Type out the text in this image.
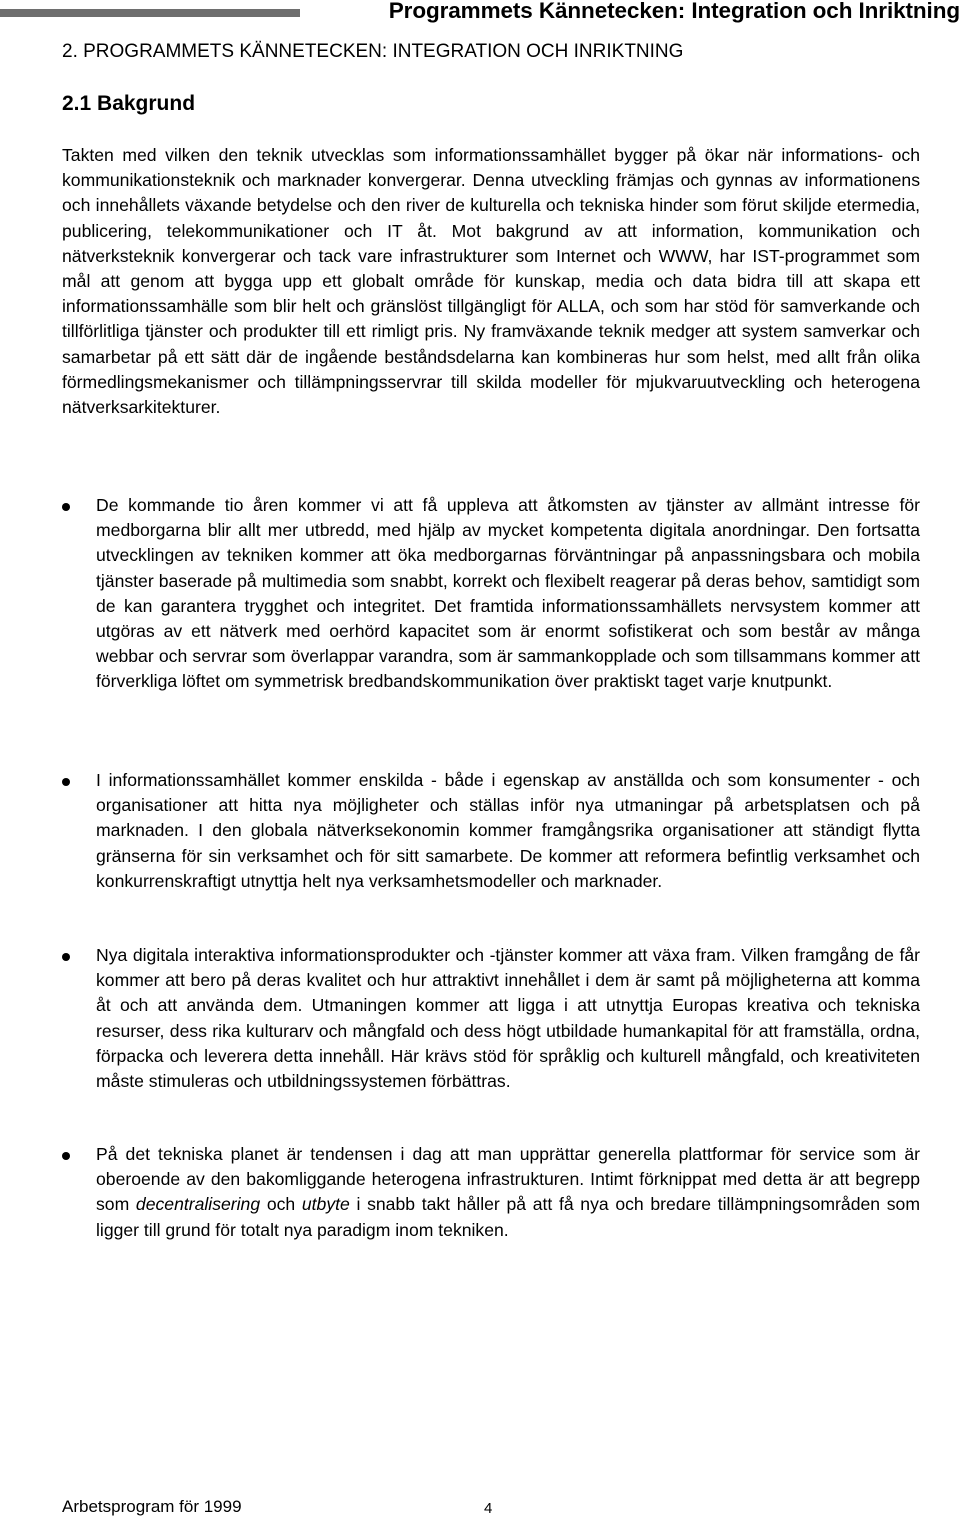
Programmets Kännetecken: Integration och Inriktning
2. PROGRAMMETS KÄNNETECKEN: INTEGRATION OCH INRIKTNING
2.1 Bakgrund

Takten med vilken den teknik utvecklas som informationssamhället bygger på ökar när informations- och kommunikationsteknik och marknader konvergerar. Denna utveckling främjas och gynnas av informationens och innehållets växande betydelse och den river de kulturella och tekniska hinder som förut skiljde etermedia, publicering, telekommunikationer och IT åt. Mot bakgrund av att information, kommunikation och nätverksteknik konvergerar och tack vare infrastrukturer som Internet och WWW, har IST-programmet som mål att genom att bygga upp ett globalt område för kunskap, media och data bidra till att skapa ett informationssamhälle som blir helt och gränslöst tillgängligt för ALLA, och som har stöd för samverkande och tillförlitliga tjänster och produkter till ett rimligt pris. Ny framväxande teknik medger att system samverkar och samarbetar på ett sätt där de ingående beståndsdelarna kan kombineras hur som helst, med allt från olika förmedlingsmekanismer och tillämpningsservrar till skilda modeller för mjukvaruutveckling och heterogena nätverksarkitekturer.

De kommande tio åren kommer vi att få uppleva att åtkomsten av tjänster av allmänt intresse för medborgarna blir allt mer utbredd, med hjälp av mycket kompetenta digitala anordningar. Den fortsatta utvecklingen av tekniken kommer att öka medborgarnas förväntningar på anpassningsbara och mobila tjänster baserade på multimedia som snabbt, korrekt och flexibelt reagerar på deras behov, samtidigt som de kan garantera trygghet och integritet. Det framtida informationssamhällets nervsystem kommer att utgöras av ett nätverk med oerhörd kapacitet som är enormt sofistikerat och som består av många webbar och servrar som överlappar varandra, som är sammankopplade och som tillsammans kommer att förverkliga löftet om symmetrisk bredbandskommunikation över praktiskt taget varje knutpunkt.
I informationssamhället kommer enskilda - både i egenskap av anställda och som konsumenter - och organisationer att hitta nya möjligheter och ställas inför nya utmaningar på arbetsplatsen och på marknaden. I den globala nätverksekonomin kommer framgångsrika organisationer att ständigt flytta gränserna för sin verksamhet och för sitt samarbete. De kommer att reformera befintlig verksamhet och konkurrenskraftigt utnyttja helt nya verksamhetsmodeller och marknader.
Nya digitala interaktiva informationsprodukter och -tjänster kommer att växa fram. Vilken framgång de får kommer att bero på deras kvalitet och hur attraktivt innehållet i dem är samt på möjligheterna att komma åt och att använda dem. Utmaningen kommer att ligga i att utnyttja Europas kreativa och tekniska resurser, dess rika kulturarv och mångfald och dess högt utbildade humankapital för att framställa, ordna, förpacka och leverera detta innehåll. Här krävs stöd för språklig och kulturell mångfald, och kreativiteten måste stimuleras och utbildningssystemen förbättras.
På det tekniska planet är tendensen i dag att man upprättar generella plattformar för service som är oberoende av den bakomliggande heterogena infrastrukturen. Intimt förknippat med detta är att begrepp som decentralisering och utbyte i snabb takt håller på att få nya och bredare tillämpningsområden som ligger till grund för totalt nya paradigm inom tekniken.
Arbetsprogram för 1999	4
